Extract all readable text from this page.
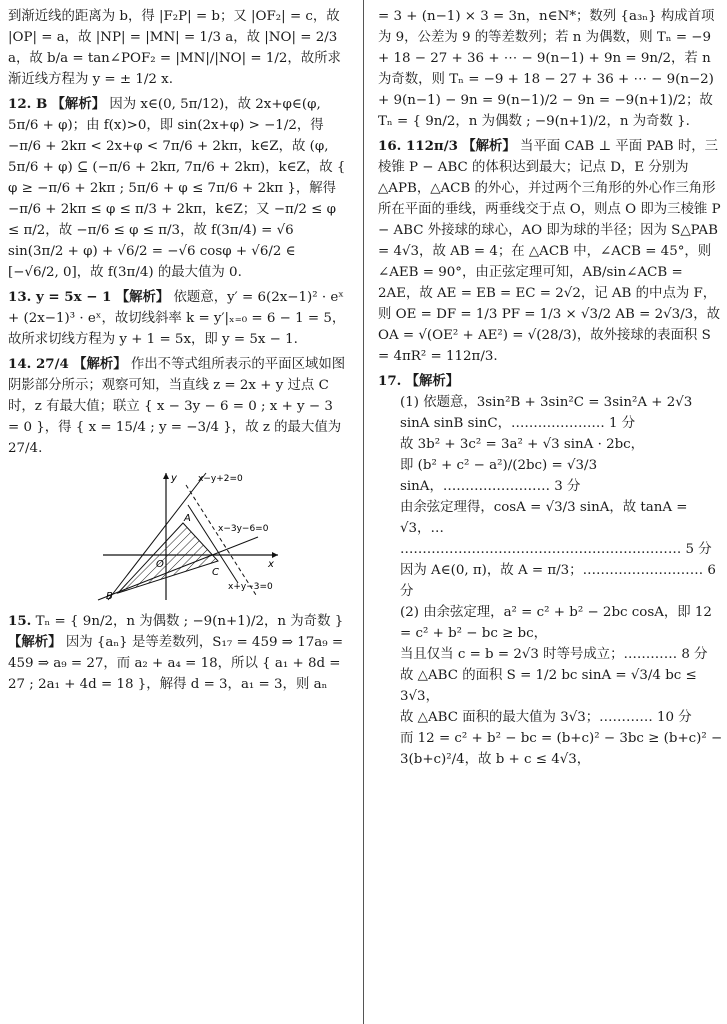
到渐近线的距离为 b，得 |F₂P| = b；又 |OF₂| = c，故 |OP| = a，故 |NP| = |MN| = 1/3 a，故 |NO| = 2/3 a，故 b/a = tan∠POF₂ = |MN|/|NO| = 1/2，故所求渐近线方程为 y = ± 1/2 x.

12. B 【解析】 因为 x∈(0, 5π/12)，故 2x+φ∈(φ, 5π/6 + φ)；由 f(x)>0，即 sin(2x+φ) > −1/2，得 −π/6 + 2kπ < 2x+φ < 7π/6 + 2kπ，k∈Z，故 (φ, 5π/6 + φ) ⊆ (−π/6 + 2kπ, 7π/6 + 2kπ)，k∈Z，故 { φ ≥ −π/6 + 2kπ ; 5π/6 + φ ≤ 7π/6 + 2kπ }，解得 −π/6 + 2kπ ≤ φ ≤ π/3 + 2kπ，k∈Z；又 −π/2 ≤ φ ≤ π/2，故 −π/6 ≤ φ ≤ π/3，故 f(3π/4) = √6 sin(3π/2 + φ) + √6/2 = −√6 cosφ + √6/2 ∈ [−√6/2, 0]，故 f(3π/4) 的最大值为 0.
13. y = 5x − 1 【解析】 依题意，y′ = 6(2x−1)² · eˣ + (2x−1)³ · eˣ，故切线斜率 k = y′|ₓ₌₀ = 6 − 1 = 5，故所求切线方程为 y + 1 = 5x，即 y = 5x − 1.
14. 27/4 【解析】 作出不等式组所表示的平面区域如图阴影部分所示；观察可知，当直线 z = 2x + y 过点 C 时，z 有最大值；联立 { x − 3y − 6 = 0 ; x + y − 3 = 0 }，得 { x = 15/4 ; y = −3/4 }，故 z 的最大值为 27/4.
y
x
x−y+2=0
x−3y−6=0
x+y−3=0
A
B
C
O
15. Tₙ = { 9n/2，n 为偶数 ; −9(n+1)/2，n 为奇数 } 【解析】 因为 {aₙ} 是等差数列，S₁₇ = 459 ⇒ 17a₉ = 459 ⇒ a₉ = 27，而 a₂ + a₄ = 18，所以 { a₁ + 8d = 27 ; 2a₁ + 4d = 18 }，解得 d = 3，a₁ = 3，则 aₙ

= 3 + (n−1) × 3 = 3n，n∈N*；数列 {a₃ₙ} 构成首项为 9，公差为 9 的等差数列；若 n 为偶数，则 Tₙ = −9 + 18 − 27 + 36 + ⋯ − 9(n−1) + 9n = 9n/2，若 n 为奇数，则 Tₙ = −9 + 18 − 27 + 36 + ⋯ − 9(n−2) + 9(n−1) − 9n = 9(n−1)/2 − 9n = −9(n+1)/2；故 Tₙ = { 9n/2，n 为偶数 ; −9(n+1)/2，n 为奇数 }.

16. 112π/3 【解析】 当平面 CAB ⊥ 平面 PAB 时，三棱锥 P − ABC 的体积达到最大；记点 D，E 分别为 △APB，△ACB 的外心，并过两个三角形的外心作三角形所在平面的垂线，两垂线交于点 O，则点 O 即为三棱锥 P − ABC 外接球的球心，AO 即为球的半径；因为 S△PAB = 4√3，故 AB = 4；在 △ACB 中，∠ACB = 45°，则 ∠AEB = 90°，由正弦定理可知，AB/sin∠ACB = 2AE，故 AE = EB = EC = 2√2，记 AB 的中点为 F，则 OE = DF = 1/3 PF = 1/3 × √3/2 AB = 2√3/3，故 OA = √(OE² + AE²) = √(28/3)，故外接球的表面积 S = 4πR² = 112π/3.
17. 【解析】
(1) 依题意，3sin²B + 3sin²C = 3sin²A + 2√3 sinA sinB sinC，………………… 1 分
故 3b² + 3c² = 3a² + √3 sinA · 2bc，
即 (b² + c² − a²)/(2bc) = √3/3 sinA，…………………… 3 分
由余弦定理得，cosA = √3/3 sinA，故 tanA = √3，…
……………………………………………………… 5 分
因为 A∈(0, π)，故 A = π/3；……………………… 6 分
(2) 由余弦定理，a² = c² + b² − 2bc cosA，即 12 = c² + b² − bc ≥ bc，
当且仅当 c = b = 2√3 时等号成立；………… 8 分
故 △ABC 的面积 S = 1/2 bc sinA = √3/4 bc ≤ 3√3，
故 △ABC 面积的最大值为 3√3；………… 10 分
而 12 = c² + b² − bc = (b+c)² − 3bc ≥ (b+c)² − 3(b+c)²/4，故 b + c ≤ 4√3，
